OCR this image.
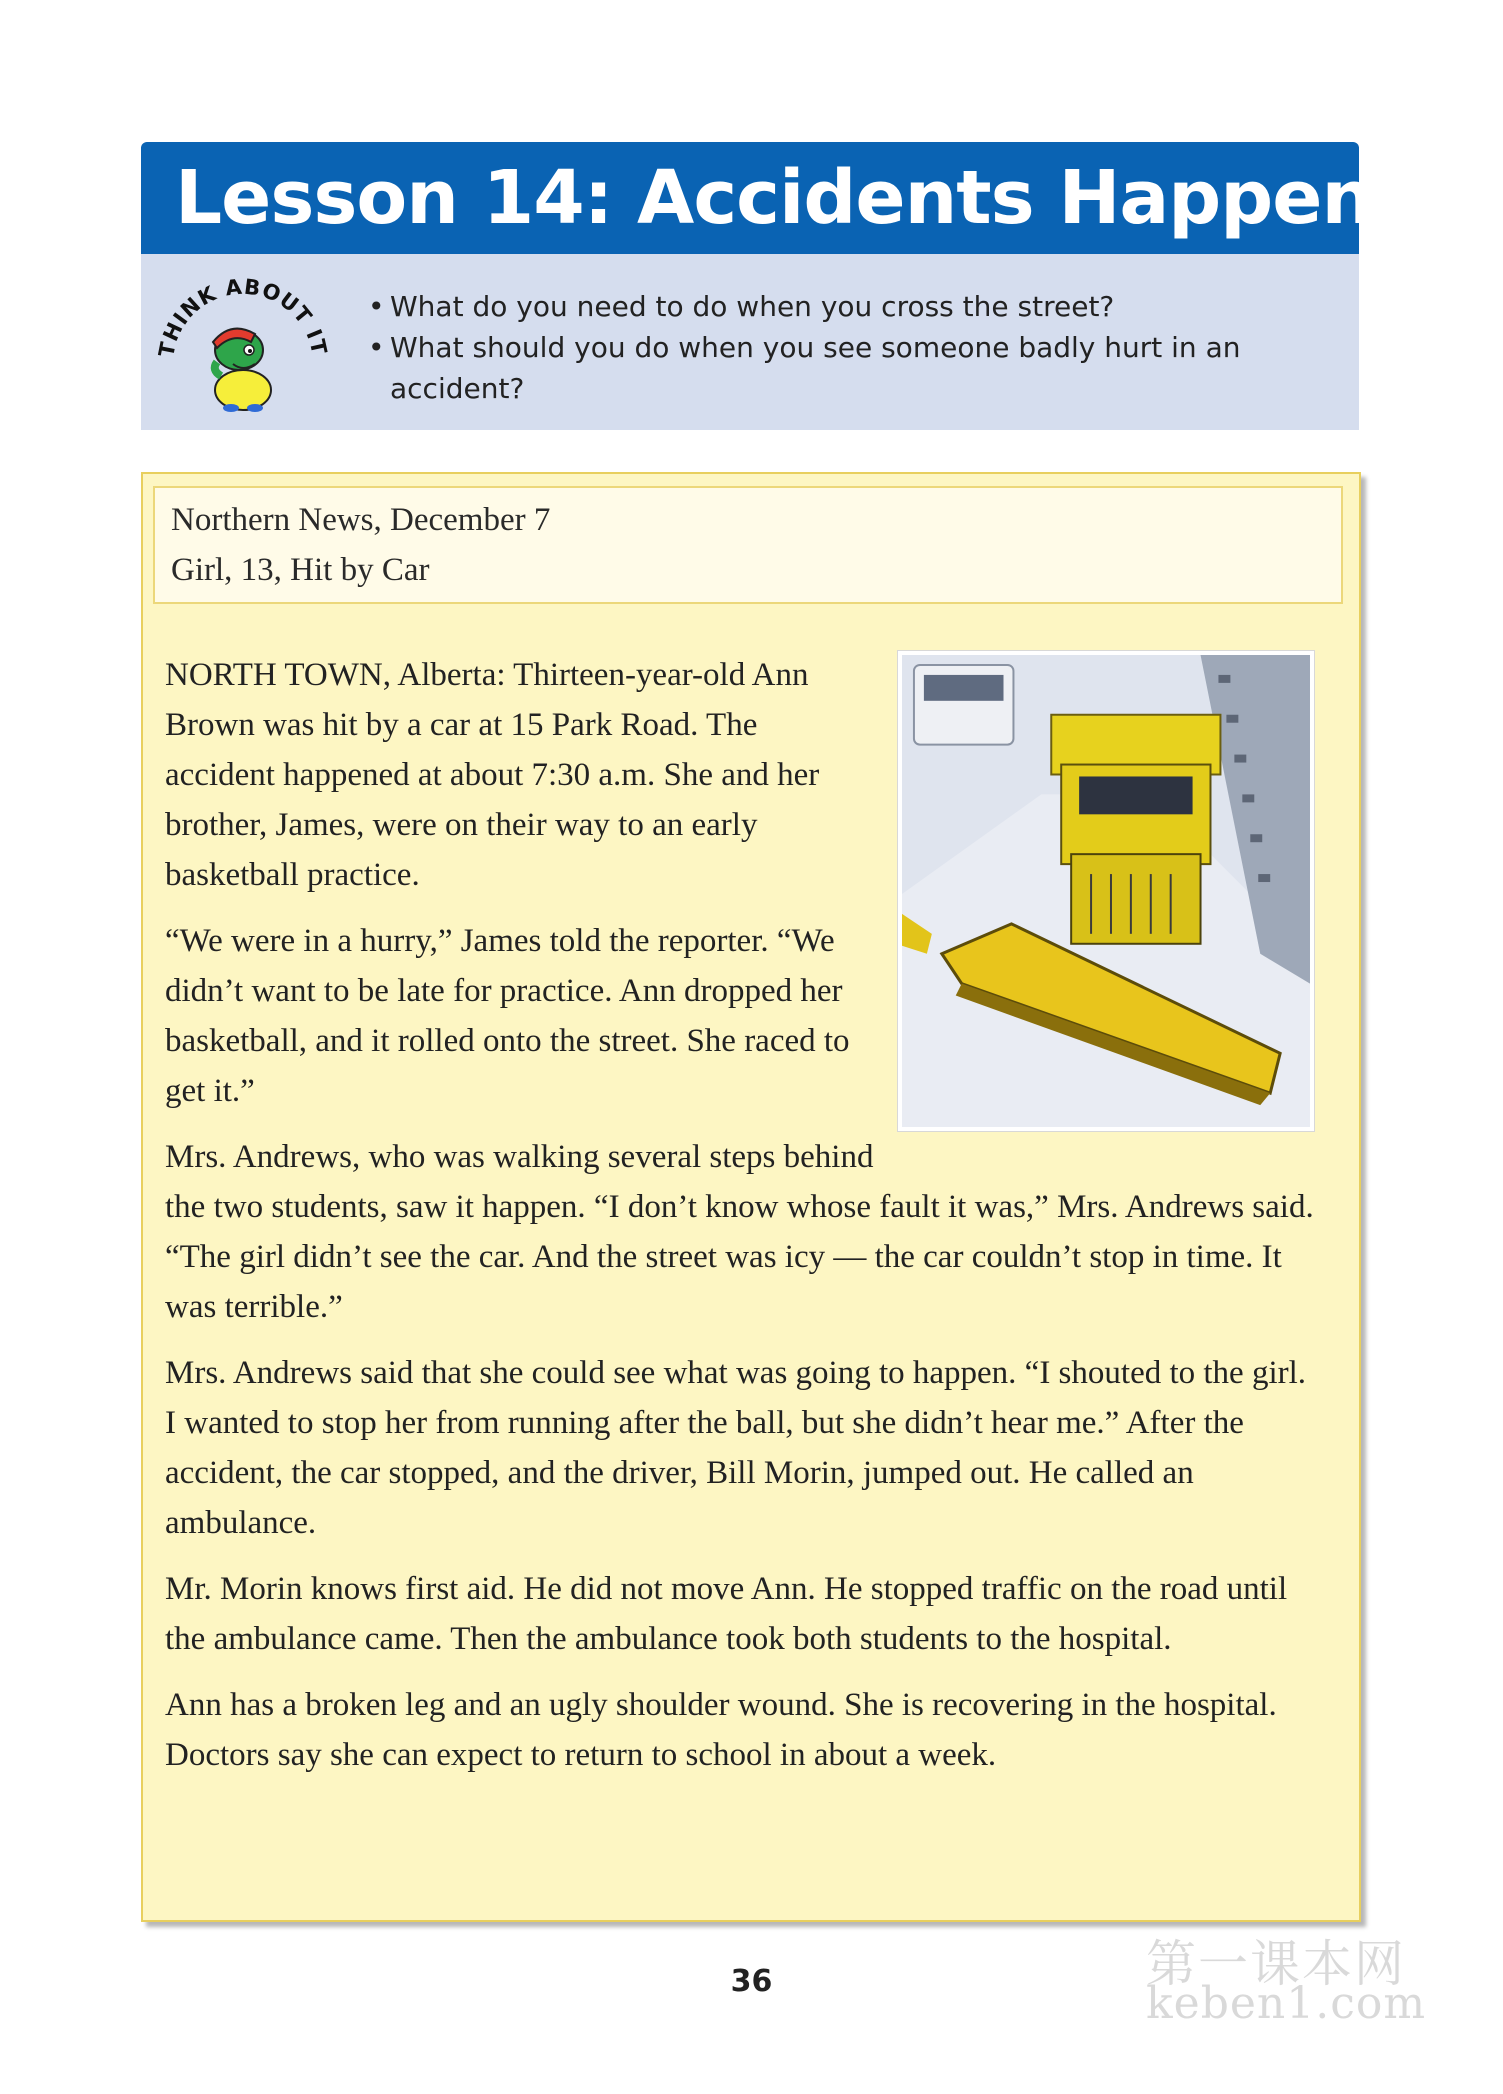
Lesson 14: Accidents Happen
THINK ABOUT IT
• What do you need to do when you cross the street?
• What should you do when you see someone badly hurt in an accident?
Northern News, December 7
Girl, 13, Hit by Car

NORTH TOWN, Alberta: Thirteen-year-old Ann Brown was hit by a car at 15 Park Road. The accident happened at about 7:30 a.m. She and her brother, James, were on their way to an early basketball practice.

“We were in a hurry,” James told the reporter. “We didn’t want to be late for practice. Ann dropped her basketball, and it rolled onto the street. She raced to get it.”

Mrs. Andrews, who was walking several steps behind the two students, saw it happen. “I don’t know whose fault it was,” Mrs. Andrews said. “The girl didn’t see the car. And the street was icy — the car couldn’t stop in time. It was terrible.”

Mrs. Andrews said that she could see what was going to happen. “I shouted to the girl. I wanted to stop her from running after the ball, but she didn’t hear me.” After the accident, the car stopped, and the driver, Bill Morin, jumped out. He called an ambulance.

Mr. Morin knows first aid. He did not move Ann. He stopped traffic on the road until the ambulance came. Then the ambulance took both students to the hospital.

Ann has a broken leg and an ugly shoulder wound. She is recovering in the hospital. Doctors say she can expect to return to school in about a week.

36	第一课本网
keben1.com
